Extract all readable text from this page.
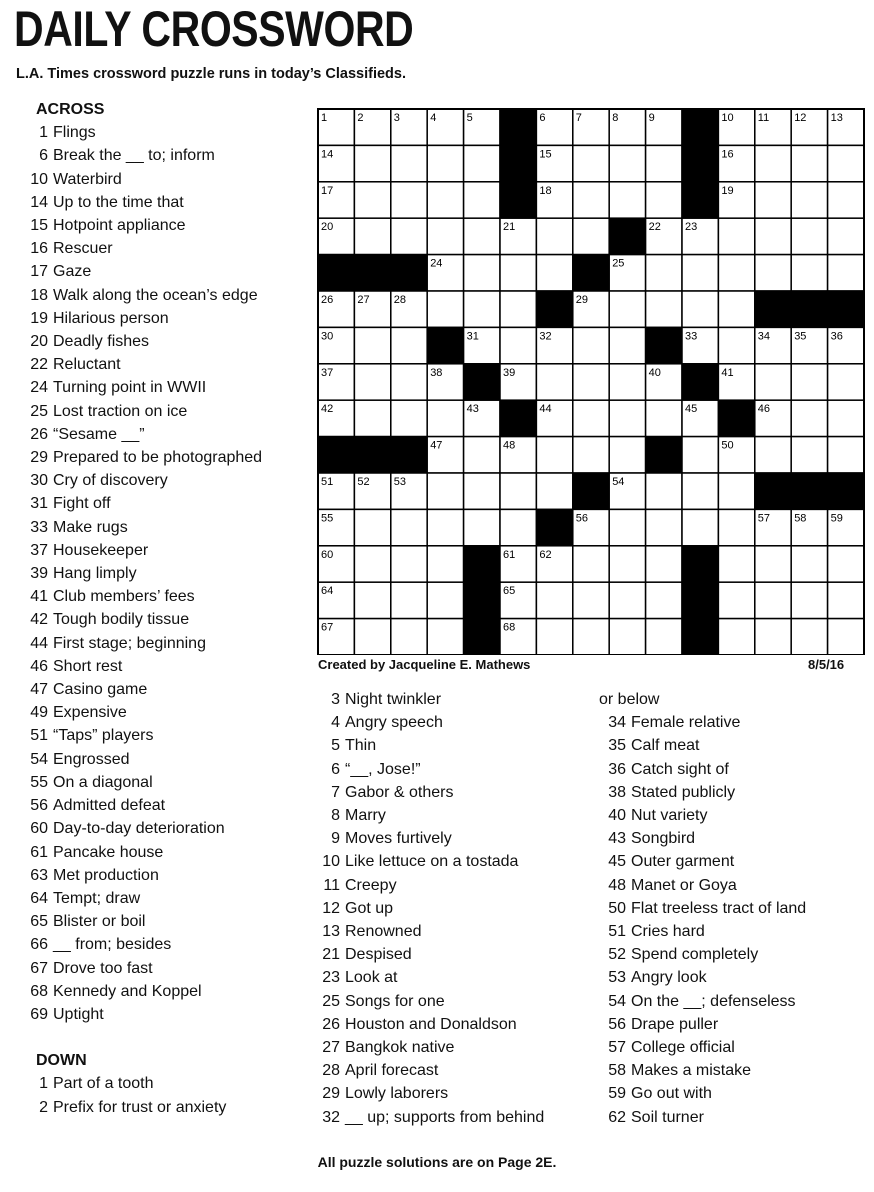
DAILY CROSSWORD
L.A. Times crossword puzzle runs in today’s Classifieds.
ACROSS
1 Flings
6 Break the __ to; inform
10 Waterbird
14 Up to the time that
15 Hotpoint appliance
16 Rescuer
17 Gaze
18 Walk along the ocean’s edge
19 Hilarious person
20 Deadly fishes
22 Reluctant
24 Turning point in WWII
25 Lost traction on ice
26 “Sesame __”
29 Prepared to be photographed
30 Cry of discovery
31 Fight off
33 Make rugs
37 Housekeeper
39 Hang limply
41 Club members’ fees
42 Tough bodily tissue
44 First stage; beginning
46 Short rest
47 Casino game
49 Expensive
51 “Taps” players
54 Engrossed
55 On a diagonal
56 Admitted defeat
60 Day-to-day deterioration
61 Pancake house
63 Met production
64 Tempt; draw
65 Blister or boil
66 __ from; besides
67 Drove too fast
68 Kennedy and Koppel
69 Uptight
DOWN
1 Part of a tooth
2 Prefix for trust or anxiety
3 Night twinkler
4 Angry speech
5 Thin
6 “__, Jose!”
7 Gabor & others
8 Marry
9 Moves furtively
10 Like lettuce on a tostada
11 Creepy
12 Got up
13 Renowned
21 Despised
23 Look at
25 Songs for one
26 Houston and Donaldson
27 Bangkok native
28 April forecast
29 Lowly laborers
32 __ up; supports from behind
or below
34 Female relative
35 Calf meat
36 Catch sight of
38 Stated publicly
40 Nut variety
43 Songbird
45 Outer garment
48 Manet or Goya
50 Flat treeless tract of land
51 Cries hard
52 Spend completely
53 Angry look
54 On the __; defenseless
56 Drape puller
57 College official
58 Makes a mistake
59 Go out with
62 Soil turner
1	2	3	4	5	6	7	8	9	10 11 12 13
14	15	16
17	18	19
20	21	22 23
24	25
26 27 28	29
30	31	32	33	34 35 36
37	38	39	40	41
42	43	44	45	46
47	48	50
51 52 53	54
55	56	57 58 59
60	61 62
64	65
67	68
Created by Jacqueline E. Mathews	8/5/16
All puzzle solutions are on Page 2E.
